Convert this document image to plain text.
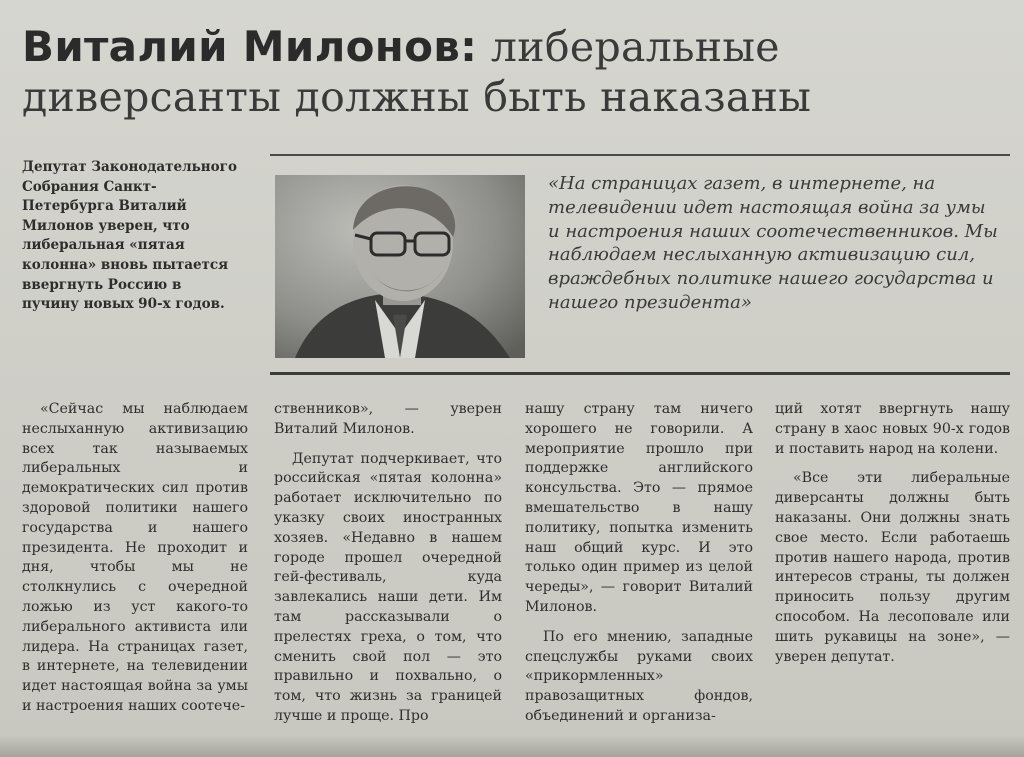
Виталий Милонов: либеральные диверсанты должны быть наказаны
Депутат Законодательного Собрания Санкт-Петербурга Виталий Милонов уверен, что либеральная «пятая колонна» вновь пытается ввергнуть Россию в пучину новых 90-х годов.
«На страницах газет, в интернете, на телевидении идет настоящая война за умы и настроения наших соотечественников. Мы наблюдаем неслыханную активизацию сил, враждебных политике нашего государства и нашего президента»

«Сейчас мы наблюдаем неслыханную активизацию всех так называемых либеральных и демократических сил против здоровой политики нашего государства и нашего президента. Не проходит и дня, чтобы мы не столкнулись с очередной ложью из уст какого-то либерального активиста или лидера. На страницах газет, в интернете, на телевидении идет настоящая война за умы и настроения наших соотече-

ственников», — уверен Виталий Милонов.

Депутат подчеркивает, что российская «пятая колонна» работает исключительно по указку своих иностранных хозяев. «Недавно в нашем городе прошел очередной гей-фестиваль, куда завлекались наши дети. Им там рассказывали о прелестях греха, о том, что сменить свой пол — это правильно и похвально, о том, что жизнь за границей лучше и проще. Про

нашу страну там ничего хорошего не говорили. А мероприятие прошло при поддержке английского консульства. Это — прямое вмешательство в нашу политику, попытка изменить наш общий курс. И это только один пример из целой череды», — говорит Виталий Милонов.

По его мнению, западные спецслужбы руками своих «прикормленных» правозащитных фондов, объединений и организа-

ций хотят ввергнуть нашу страну в хаос новых 90-х годов и поставить народ на колени.

«Все эти либеральные диверсанты должны быть наказаны. Они должны знать свое место. Если работаешь против нашего народа, против интересов страны, ты должен приносить пользу другим способом. На лесоповале или шить рукавицы на зоне», — уверен депутат.
